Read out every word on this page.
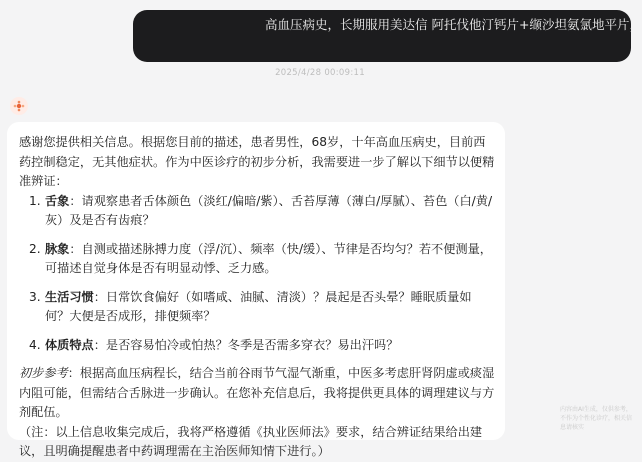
高血压病史，长期服用美达信 阿托伐他汀钙片+缬沙坦氨氯地平片，
2025/4/28 00:09:11

感谢您提供相关信息。根据您目前的描述，患者男性，68岁，十年高血压病史，目前西药控制稳定，无其他症状。作为中医诊疗的初步分析，我需要进一步了解以下细节以便精准辨证：

1. 舌象：请观察患者舌体颜色（淡红/偏暗/紫）、舌苔厚薄（薄白/厚腻）、苔色（白/黄/灰）及是否有齿痕？
2. 脉象：自测或描述脉搏力度（浮/沉）、频率（快/缓）、节律是否均匀？若不便测量，可描述自觉身体是否有明显动悸、乏力感。
3. 生活习惯：日常饮食偏好（如嗜咸、油腻、清淡）？晨起是否头晕？睡眠质量如何？大便是否成形，排便频率？
4. 体质特点：是否容易怕冷或怕热？冬季是否需多穿衣？易出汗吗？

初步参考：根据高血压病程长，结合当前谷雨节气湿气渐重，中医多考虑肝肾阴虚或痰湿内阻可能，但需结合舌脉进一步确认。在您补充信息后，我将提供更具体的调理建议与方剂配伍。

（注：以上信息收集完成后，我将严格遵循《执业医师法》要求，结合辨证结果给出建议，且明确提醒患者中药调理需在主治医师知情下进行。）

内容由AI生成，仅供参考，不作为个性化诊疗，相关信息请核实
